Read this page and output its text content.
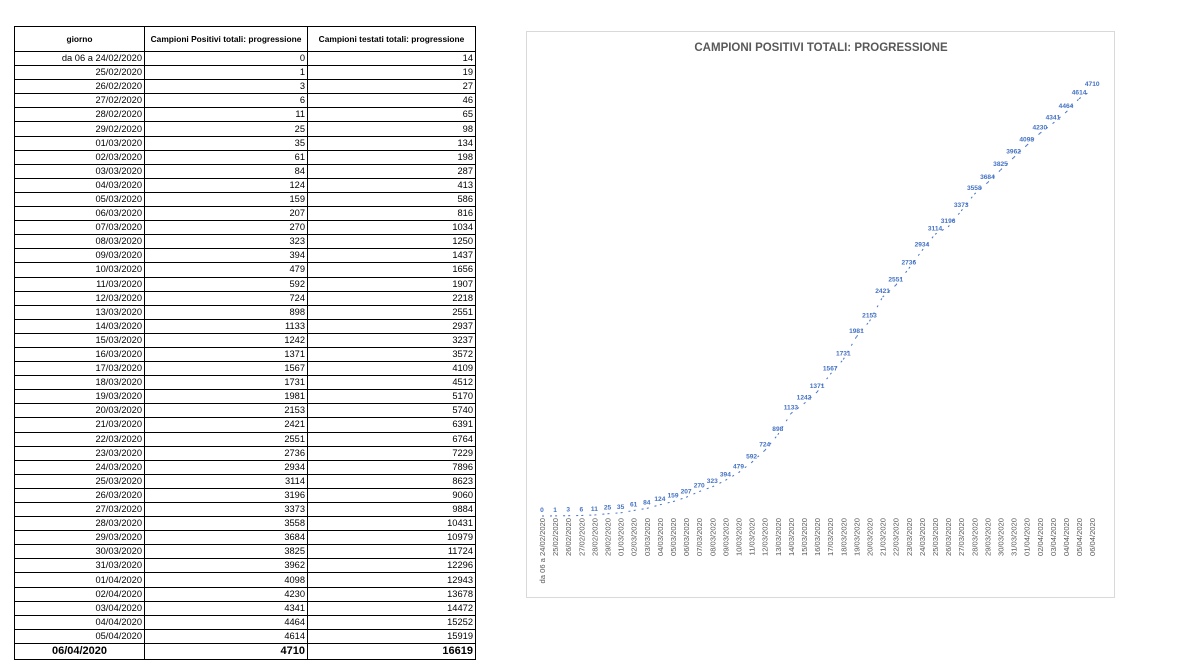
giorno	Campioni Positivi totali: progressione	Campioni testati totali: progressione
da 06 a 24/02/2020	0	14
25/02/2020	1	19
26/02/2020	3	27
27/02/2020	6	46
28/02/2020	11	65
29/02/2020	25	98
01/03/2020	35	134
02/03/2020	61	198
03/03/2020	84	287
04/03/2020	124	413
05/03/2020	159	586
06/03/2020	207	816
07/03/2020	270	1034
08/03/2020	323	1250
09/03/2020	394	1437
10/03/2020	479	1656
11/03/2020	592	1907
12/03/2020	724	2218
13/03/2020	898	2551
14/03/2020	1133	2937
15/03/2020	1242	3237
16/03/2020	1371	3572
17/03/2020	1567	4109
18/03/2020	1731	4512
19/03/2020	1981	5170
20/03/2020	2153	5740
21/03/2020	2421	6391
22/03/2020	2551	6764
23/03/2020	2736	7229
24/03/2020	2934	7896
25/03/2020	3114	8623
26/03/2020	3196	9060
27/03/2020	3373	9884
28/03/2020	3558	10431
29/03/2020	3684	10979
30/03/2020	3825	11724
31/03/2020	3962	12296
01/04/2020	4098	12943
02/04/2020	4230	13678
03/04/2020	4341	14472
04/04/2020	4464	15252
05/04/2020	4614	15919
06/04/2020	4710	16619
CAMPIONI POSITIVI TOTALI: PROGRESSIONE
0 1 3 6 11 25 35 61 84
124 159
207
270
323
394
479
592
724
898
1133
1242
1371
1567
1731
1981
2153
2421
2551
2736
2934
3114
3196
3373
3558
3684
3825
3962
4098
4230
4341
4464
4614
4710
da 06 a 24/02/2020 25/02/2020 26/02/2020 27/02/2020 28/02/2020 29/02/2020 01/03/2020 02/03/2020 03/03/2020 04/03/2020 05/03/2020 06/03/2020 07/03/2020 08/03/2020 09/03/2020 10/03/2020 11/03/2020 12/03/2020 13/03/2020 14/03/2020 15/03/2020 16/03/2020 17/03/2020 18/03/2020 19/03/2020 20/03/2020 21/03/2020 22/03/2020 23/03/2020 24/03/2020 25/03/2020 26/03/2020 27/03/2020 28/03/2020 29/03/2020 30/03/2020 31/03/2020 01/04/2020 02/04/2020 03/04/2020 04/04/2020 05/04/2020 06/04/2020
